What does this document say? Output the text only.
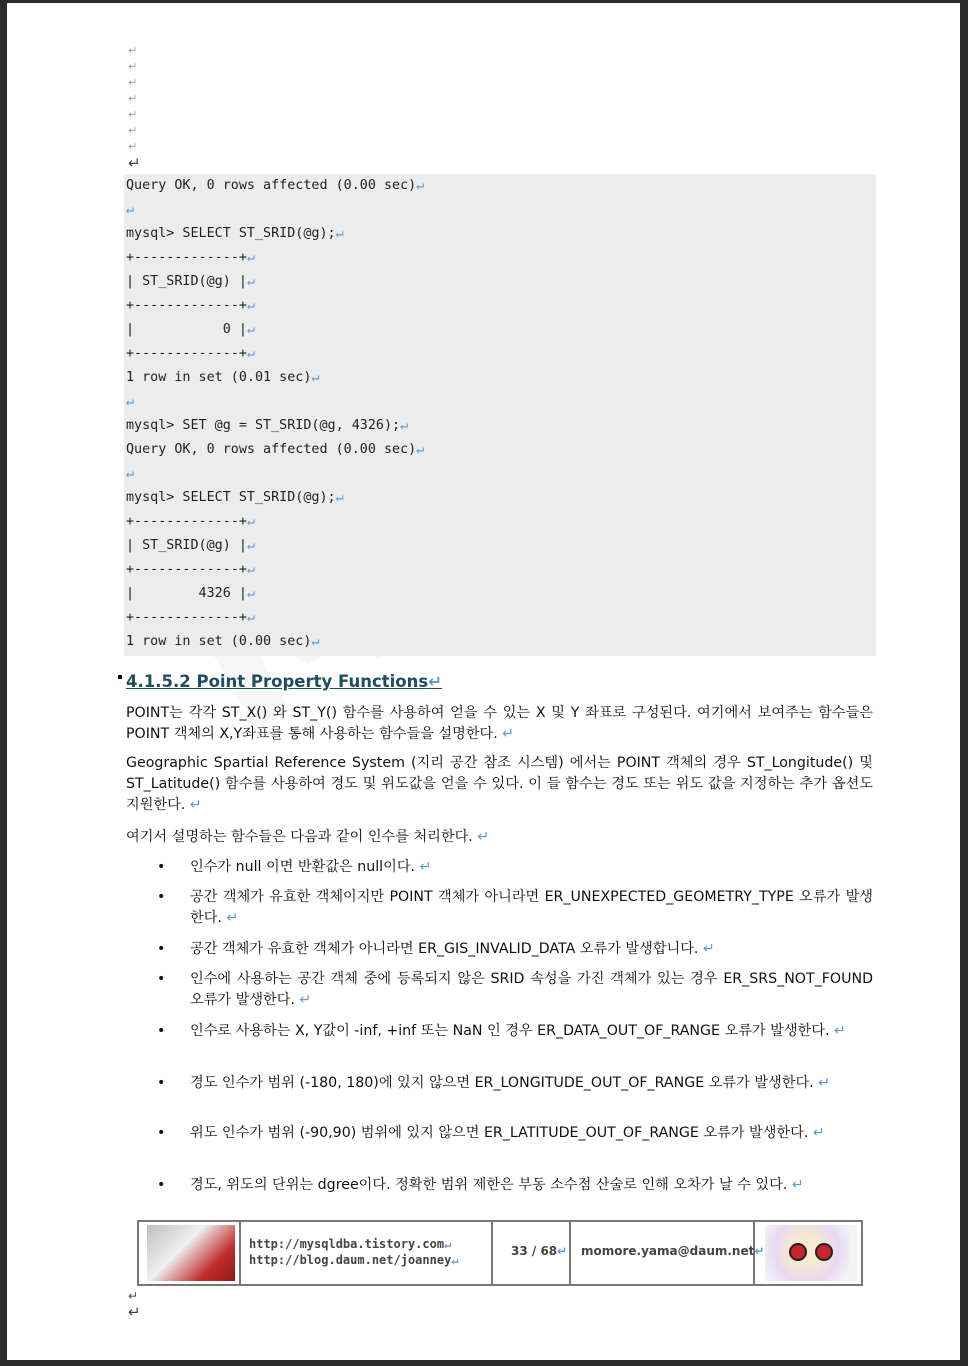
↵
↵
↵
↵
↵
↵
↵
↵
Query OK, 0 rows affected (0.00 sec)↵
↵
mysql> SELECT ST_SRID(@g);↵
+-------------+↵
| ST_SRID(@g) |↵
+-------------+↵
|           0 |↵
+-------------+↵
1 row in set (0.01 sec)↵
↵
mysql> SET @g = ST_SRID(@g, 4326);↵
Query OK, 0 rows affected (0.00 sec)↵
↵
mysql> SELECT ST_SRID(@g);↵
+-------------+↵
| ST_SRID(@g) |↵
+-------------+↵
|        4326 |↵
+-------------+↵
1 row in set (0.00 sec)↵
4.1.5.2 Point Property Functions↵
POINT는 각각 ST_X() 와 ST_Y() 함수를 사용하여 얻을 수 있는 X 및 Y 좌표로 구성된다. 여기에서 보여주는 함수들은 POINT 객체의 X,Y좌표를 통해 사용하는 함수들을 설명한다. ↵
Geographic Spartial Reference System (지리 공간 참조 시스템) 에서는 POINT 객체의 경우 ST_Longitude() 및 ST_Latitude() 함수를 사용하여 경도 및 위도값을 얻을 수 있다. 이 들 함수는 경도 또는 위도 값을 지정하는 추가 옵션도 지원한다. ↵
여기서 설명하는 함수들은 다음과 같이 인수를 처리한다. ↵
• 인수가 null 이면 반환값은 null이다. ↵
• 공간 객체가 유효한 객체이지만 POINT 객체가 아니라면 ER_UNEXPECTED_GEOMETRY_TYPE 오류가 발생한다. ↵
• 공간 객체가 유효한 객체가 아니라면 ER_GIS_INVALID_DATA 오류가 발생합니다. ↵
• 인수에 사용하는 공간 객체 중에 등록되지 않은 SRID 속성을 가진 객체가 있는 경우 ER_SRS_NOT_FOUND 오류가 발생한다. ↵
• 인수로 사용하는 X, Y값이 -inf, +inf 또는 NaN 인 경우 ER_DATA_OUT_OF_RANGE 오류가 발생한다. ↵
• 경도 인수가 범위 (-180, 180)에 있지 않으면 ER_LONGITUDE_OUT_OF_RANGE 오류가 발생한다. ↵
• 위도 인수가 범위 (-90,90) 범위에 있지 않으면 ER_LATITUDE_OUT_OF_RANGE 오류가 발생한다. ↵
• 경도, 위도의 단위는 dgree이다. 정확한 범위 제한은 부동 소수점 산술로 인해 오차가 날 수 있다. ↵
http://mysqldba.tistory.com↵
http://blog.daum.net/joanney↵
33 / 68↵ momore.yama@daum.net↵
↵
↵
